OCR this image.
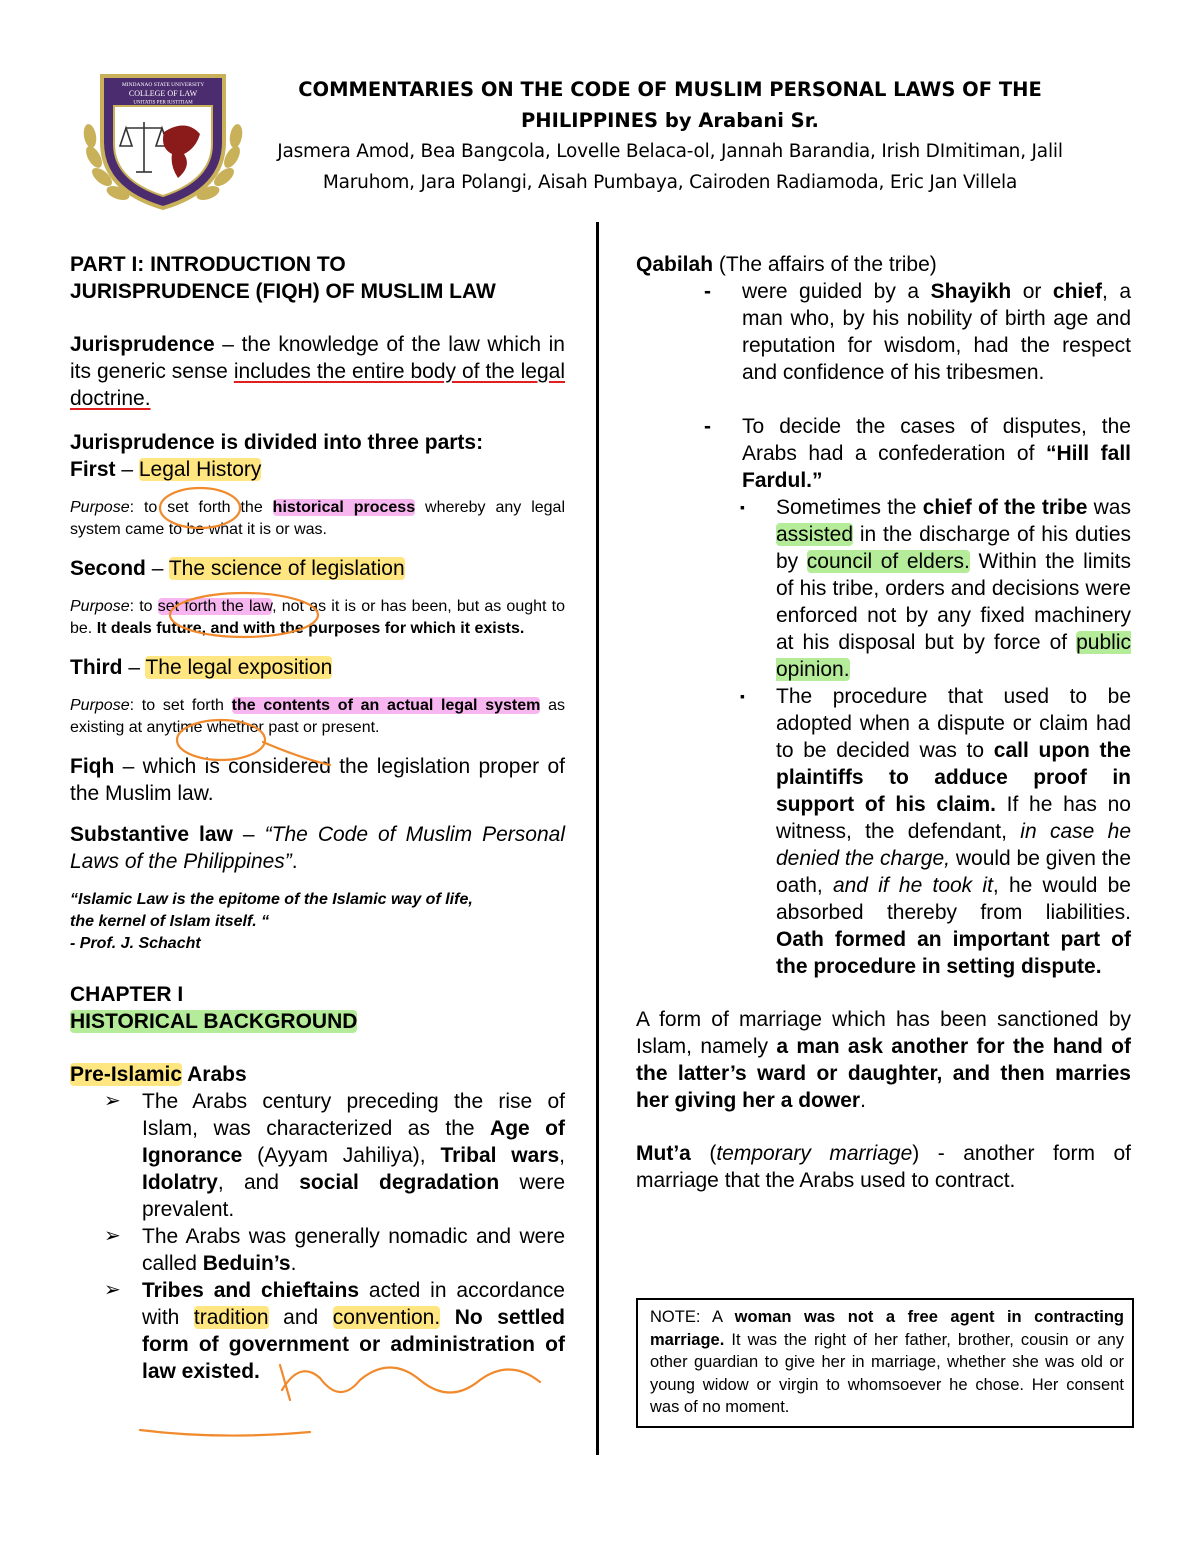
MINDANAO STATE UNIVERSITY
COLLEGE OF LAW
UNITATIS PER IUSTITIAM
COMMENTARIES ON THE CODE OF MUSLIM PERSONAL LAWS OF THE
PHILIPPINES by Arabani Sr.
Jasmera Amod, Bea Bangcola, Lovelle Belaca-ol, Jannah Barandia, Irish DImitiman, Jalil
Maruhom, Jara Polangi, Aisah Pumbaya, Cairoden Radiamoda, Eric Jan Villela

PART I: INTRODUCTION TO
JURISPRUDENCE (FIQH) OF MUSLIM LAW

Jurisprudence – the knowledge of the law which in its generic sense includes the entire body of the legal doctrine.

Jurisprudence is divided into three parts:

First – Legal History

Purpose: to set forth the historical process whereby any legal system came to be what it is or was.

Second – The science of legislation

Purpose: to set forth the law, not as it is or has been, but as ought to be. It deals future, and with the purposes for which it exists.

Third – The legal exposition

Purpose: to set forth the contents of an actual legal system as existing at anytime whether past or present.

Fiqh – which is considered the legislation proper of the Muslim law.

Substantive law – “The Code of Muslim Personal Laws of the Philippines”.

“Islamic Law is the epitome of the Islamic way of life,
the kernel of Islam itself. “
- Prof. J. Schacht

CHAPTER I
HISTORICAL BACKGROUND

Pre-Islamic Arabs

➢	The Arabs century preceding the rise of Islam, was characterized as the Age of Ignorance (Ayyam Jahiliya), Tribal wars, Idolatry, and social degradation were prevalent.
➢	The Arabs was generally nomadic and were called Beduin’s.
➢	Tribes and chieftains acted in accordance with tradition and convention. No settled form of government or administration of law existed.

Qabilah (The affairs of the tribe)

-	were guided by a Shayikh or chief, a man who, by his nobility of birth age and reputation for wisdom, had the respect and confidence of his tribesmen.
-	To decide the cases of disputes, the Arabs had a confederation of “Hill fall Fardul.”
▪	Sometimes the chief of the tribe was assisted in the discharge of his duties by council of elders. Within the limits of his tribe, orders and decisions were enforced not by any fixed machinery at his disposal but by force of public opinion.
▪	The procedure that used to be adopted when a dispute or claim had to be decided was to call upon the plaintiffs to adduce proof in support of his claim. If he has no witness, the defendant, in case he denied the charge, would be given the oath, and if he took it, he would be absorbed thereby from liabilities. Oath formed an important part of the procedure in setting dispute.

A form of marriage which has been sanctioned by Islam, namely a man ask another for the hand of the latter’s ward or daughter, and then marries her giving her a dower.

Mut’a (temporary marriage) - another form of marriage that the Arabs used to contract.

NOTE: A woman was not a free agent in contracting marriage. It was the right of her father, brother, cousin or any other guardian to give her in marriage, whether she was old or young widow or virgin to whomsoever he chose. Her consent was of no moment.
